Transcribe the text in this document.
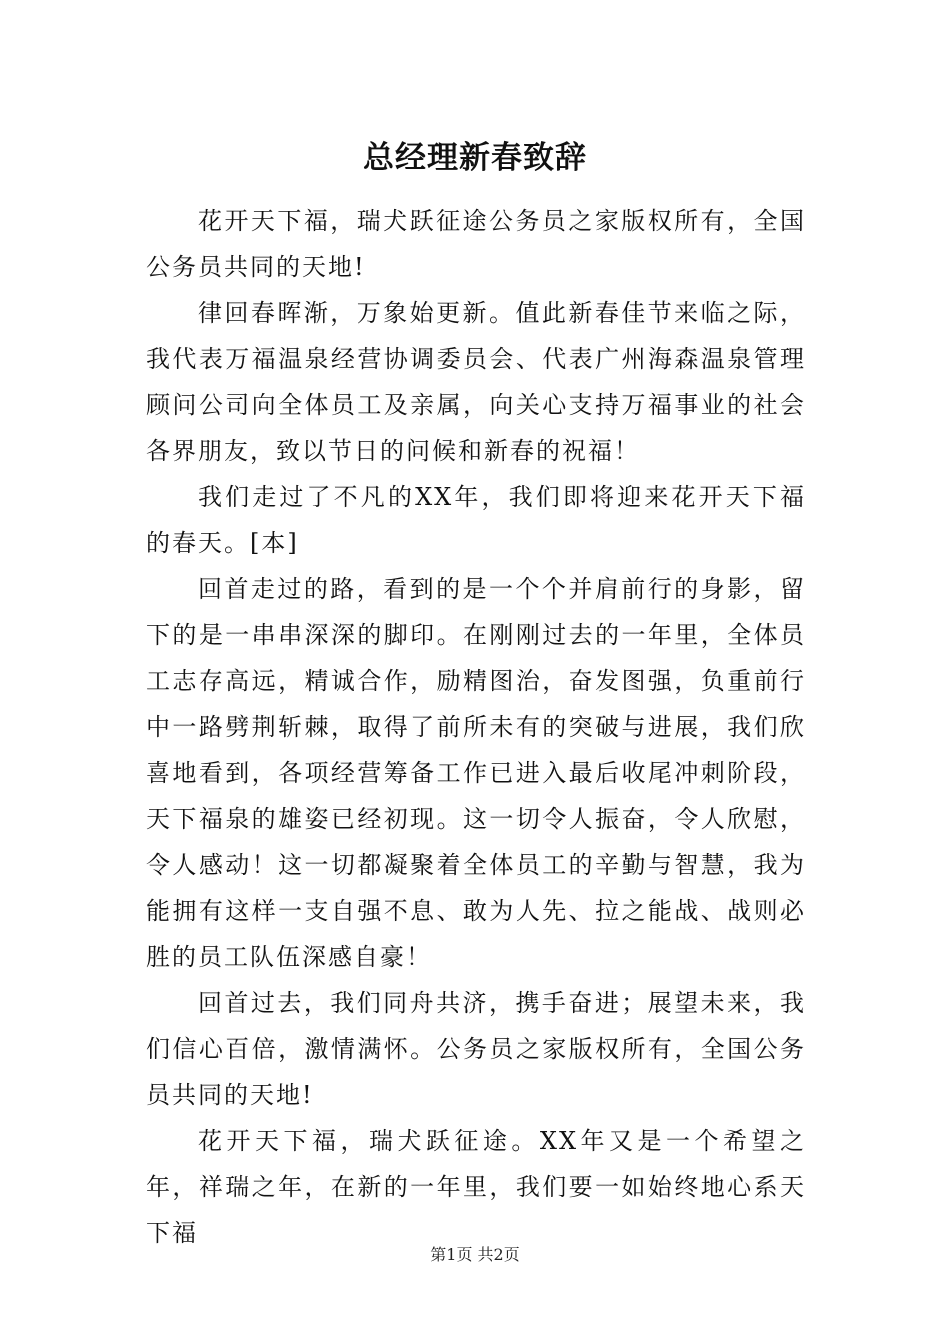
总经理新春致辞

花开天下福，瑞犬跃征途公务员之家版权所有，全国公务员共同的天地!

律回春晖渐，万象始更新。值此新春佳节来临之际，我代表万福温泉经营协调委员会、代表广州海森温泉管理顾问公司向全体员工及亲属，向关心支持万福事业的社会各界朋友，致以节日的问候和新春的祝福！

我们走过了不凡的XX年，我们即将迎来花开天下福的春天。[本]

回首走过的路，看到的是一个个并肩前行的身影，留下的是一串串深深的脚印。在刚刚过去的一年里，全体员工志存高远，精诚合作，励精图治，奋发图强，负重前行中一路劈荆斩棘，取得了前所未有的突破与进展，我们欣喜地看到，各项经营筹备工作已进入最后收尾冲刺阶段，天下福泉的雄姿已经初现。这一切令人振奋，令人欣慰，令人感动！这一切都凝聚着全体员工的辛勤与智慧，我为能拥有这样一支自强不息、敢为人先、拉之能战、战则必胜的员工队伍深感自豪！

回首过去，我们同舟共济，携手奋进；展望未来，我们信心百倍，激情满怀。公务员之家版权所有，全国公务员共同的天地!

花开天下福，瑞犬跃征途。XX年又是一个希望之年，祥瑞之年，在新的一年里，我们要一如始终地心系天下福

第1页 共2页
